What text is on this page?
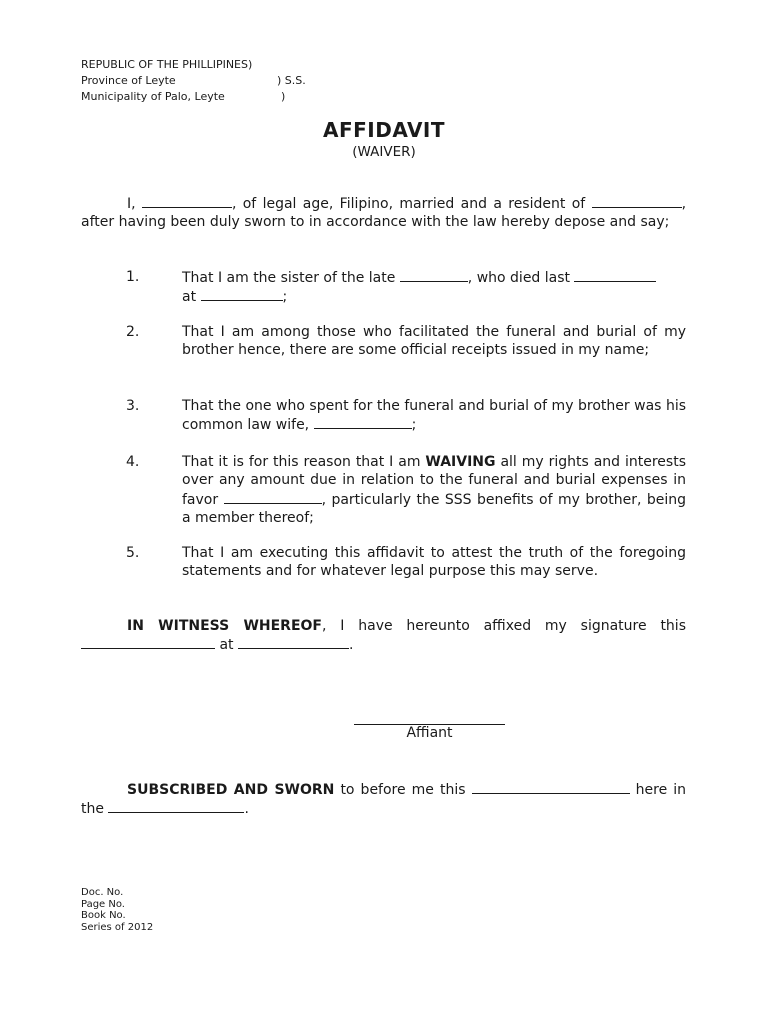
REPUBLIC OF THE PHILLIPINES)
Province of Leyte	) S.S.
Municipality of Palo, Leyte	)
AFFIDAVIT
(WAIVER)
I,	, of legal age, Filipino, married and a resident of	, after having been duly sworn to in accordance with the law hereby depose and say;
1.	That I am the sister of the late	, who died last
at	;
2.	That I am among those who facilitated the funeral and burial of my brother hence, there are some official receipts issued in my name;
3.	That the one who spent for the funeral and burial of my brother was his common law wife,	;
4.	That it is for this reason that I am WAIVING all my rights and interests over any amount due in relation to the funeral and burial expenses in favor	, particularly the SSS benefits of my brother, being a member thereof;
5.	That I am executing this affidavit to attest the truth of the foregoing statements and for whatever legal purpose this may serve.
IN WITNESS WHEREOF, I have hereunto affixed my signature this  at	.
Affiant
SUBSCRIBED AND SWORN to before me this	here in the	.
Doc. No.
Page No.
Book No.
Series of 2012
